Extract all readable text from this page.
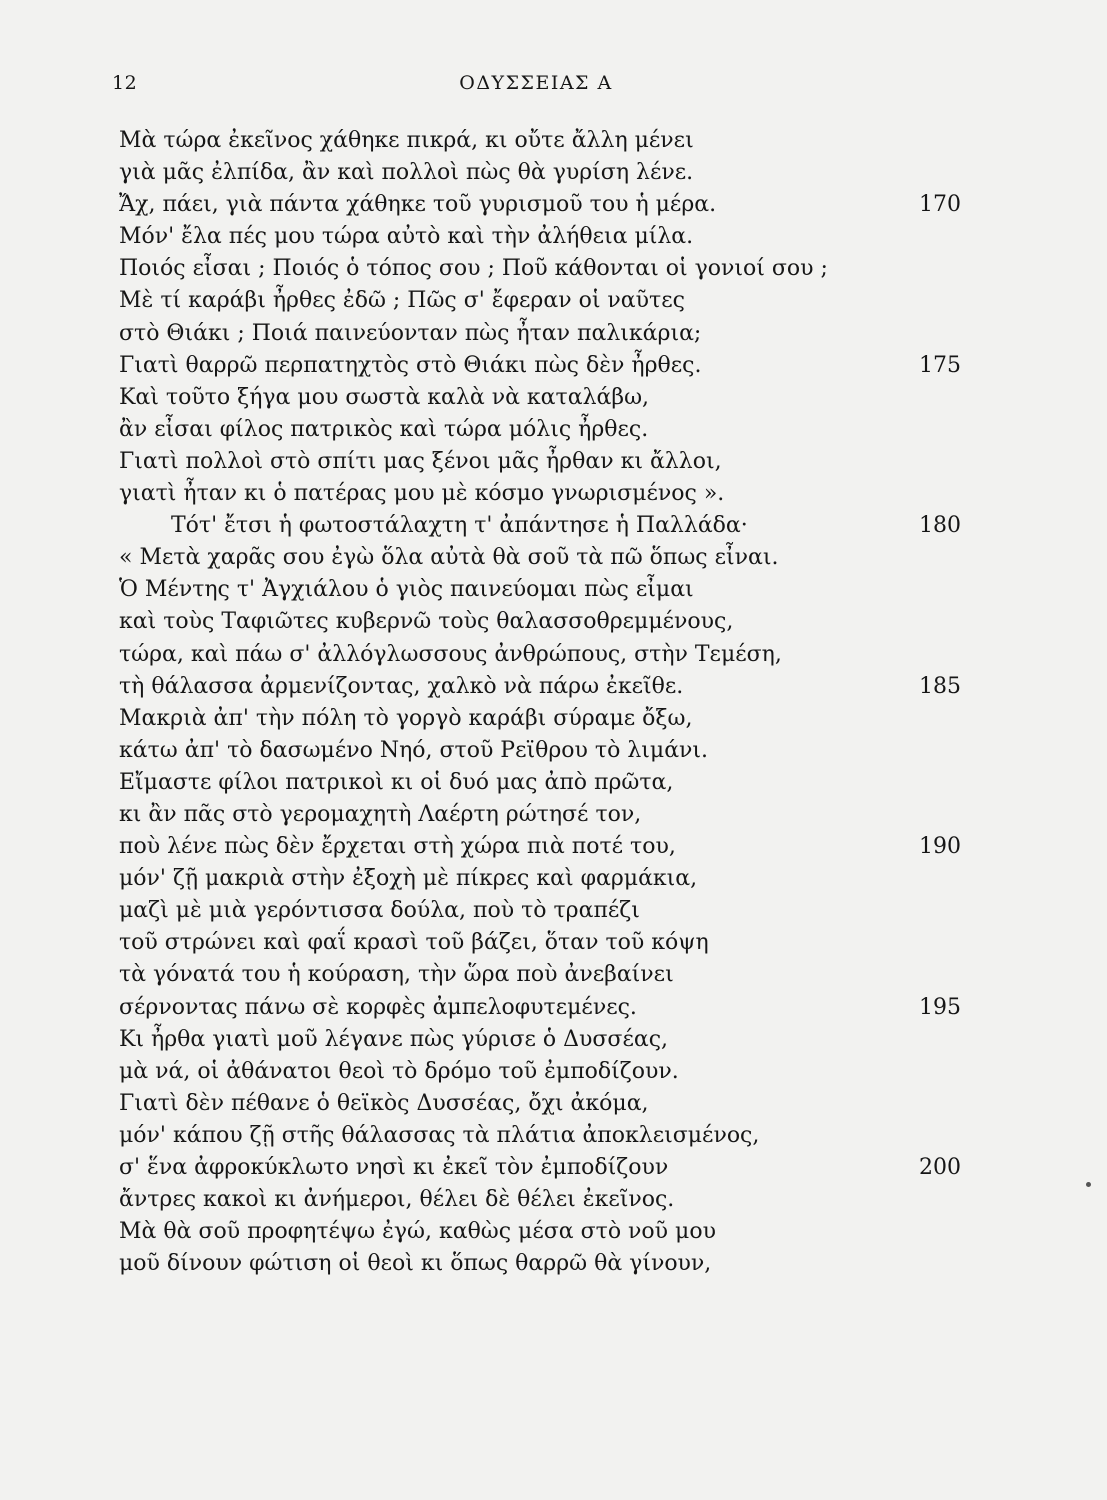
12	ΟΔΥΣΣΕΙΑΣ Α
Μὰ τώρα ἐκεῖνος χάθηκε πικρά, κι οὔτε ἄλλη μένει
γιὰ μᾶς ἐλπίδα, ἂν καὶ πολλοὶ πὼς θὰ γυρίση λένε.
Ἄχ, πάει, γιὰ πάντα χάθηκε τοῦ γυρισμοῦ του ἡ μέρα.	170
Μόν' ἔλα πές μου τώρα αὐτὸ καὶ τὴν ἀλήθεια μίλα.
Ποιός εἶσαι ; Ποιός ὁ τόπος σου ; Ποῦ κάθονται οἱ γονιοί σου ;
Μὲ τί καράβι ἦρθες ἐδῶ ; Πῶς σ' ἔφεραν οἱ ναῦτες
στὸ Θιάκι ; Ποιά παινεύονταν πὼς ἦταν παλικάρια;
Γιατὶ θαρρῶ περπατηχτὸς στὸ Θιάκι πὼς δὲν ἦρθες.	175
Καὶ τοῦτο ξήγα μου σωστὰ καλὰ νὰ καταλάβω,
ἂν εἶσαι φίλος πατρικὸς καὶ τώρα μόλις ἦρθες.
Γιατὶ πολλοὶ στὸ σπίτι μας ξένοι μᾶς ἦρθαν κι ἄλλοι,
γιατὶ ἦταν κι ὁ πατέρας μου μὲ κόσμο γνωρισμένος ».
Τότ' ἔτσι ἡ φωτοστάλαχτη τ' ἀπάντησε ἡ Παλλάδα·	180
« Μετὰ χαρᾶς σου ἐγὼ ὅλα αὐτὰ θὰ σοῦ τὰ πῶ ὅπως εἶναι.
Ὁ Μέντης τ' Ἀγχιάλου ὁ γιὸς παινεύομαι πὼς εἶμαι
καὶ τοὺς Ταφιῶτες κυβερνῶ τοὺς θαλασσοθρεμμένους,
τώρα, καὶ πάω σ' ἀλλόγλωσσους ἀνθρώπους, στὴν Τεμέση,
τὴ θάλασσα ἀρμενίζοντας, χαλκὸ νὰ πάρω ἐκεῖθε.	185
Μακριὰ ἀπ' τὴν πόλη τὸ γοργὸ καράβι σύραμε ὄξω,
κάτω ἀπ' τὸ δασωμένο Νηό, στοῦ Ρεϊθρου τὸ λιμάνι.
Εἴμαστε φίλοι πατρικοὶ κι οἱ δυό μας ἀπὸ πρῶτα,
κι ἂν πᾶς στὸ γερομαχητὴ Λαέρτη ρώτησέ τον,
ποὺ λένε πὼς δὲν ἔρχεται στὴ χώρα πιὰ ποτέ του,	190
μόν' ζῇ μακριὰ στὴν ἐξοχὴ μὲ πίκρες καὶ φαρμάκια,
μαζὶ μὲ μιὰ γερόντισσα δούλα, ποὺ τὸ τραπέζι
τοῦ στρώνει καὶ φαΐ κρασὶ τοῦ βάζει, ὅταν τοῦ κόψη
τὰ γόνατά του ἡ κούραση, τὴν ὥρα ποὺ ἀνεβαίνει
σέρνοντας πάνω σὲ κορφὲς ἀμπελοφυτεμένες.	195
Κι ἦρθα γιατὶ μοῦ λέγανε πὼς γύρισε ὁ Δυσσέας,
μὰ νά, οἱ ἀθάνατοι θεοὶ τὸ δρόμο τοῦ ἐμποδίζουν.
Γιατὶ δὲν πέθανε ὁ θεϊκὸς Δυσσέας, ὄχι ἀκόμα,
μόν' κάπου ζῇ στῆς θάλασσας τὰ πλάτια ἀποκλεισμένος,
σ' ἕνα ἀφροκύκλωτο νησὶ κι ἐκεῖ τὸν ἐμποδίζουν	200
ἄντρες κακοὶ κι ἀνήμεροι, θέλει δὲ θέλει ἐκεῖνος.
Μὰ θὰ σοῦ προφητέψω ἐγώ, καθὼς μέσα στὸ νοῦ μου
μοῦ δίνουν φώτιση οἱ θεοὶ κι ὅπως θαρρῶ θὰ γίνουν,
